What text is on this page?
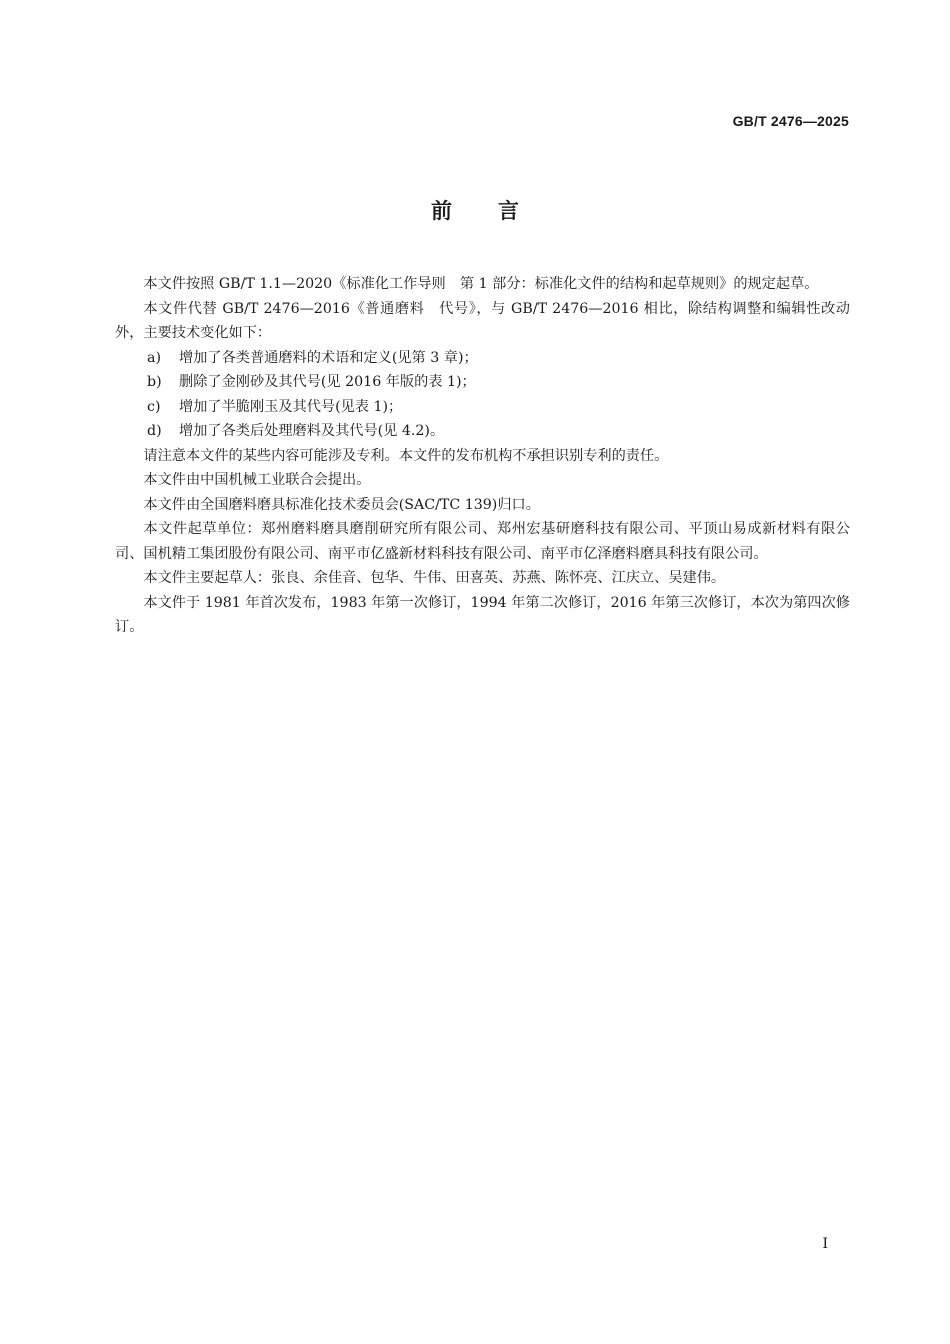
GB/T 2476—2025
前 言

本文件按照 GB/T 1.1—2020《标准化工作导则　第 1 部分：标准化文件的结构和起草规则》的规定起草。

本文件代替 GB/T 2476—2016《普通磨料　代号》，与 GB/T 2476—2016 相比，除结构调整和编辑性改动外，主要技术变化如下：

a) 增加了各类普通磨料的术语和定义(见第 3 章)；
b) 删除了金刚砂及其代号(见 2016 年版的表 1)；
c) 增加了半脆刚玉及其代号(见表 1)；
d) 增加了各类后处理磨料及其代号(见 4.2)。

请注意本文件的某些内容可能涉及专利。本文件的发布机构不承担识别专利的责任。

本文件由中国机械工业联合会提出。

本文件由全国磨料磨具标准化技术委员会(SAC/TC 139)归口。

本文件起草单位：郑州磨料磨具磨削研究所有限公司、郑州宏基研磨科技有限公司、平顶山易成新材料有限公司、国机精工集团股份有限公司、南平市亿盛新材料科技有限公司、南平市亿泽磨料磨具科技有限公司。

本文件主要起草人：张良、余佳音、包华、牛伟、田喜英、苏燕、陈怀亮、江庆立、吴建伟。

本文件于 1981 年首次发布，1983 年第一次修订，1994 年第二次修订，2016 年第三次修订，本次为第四次修订。

I
